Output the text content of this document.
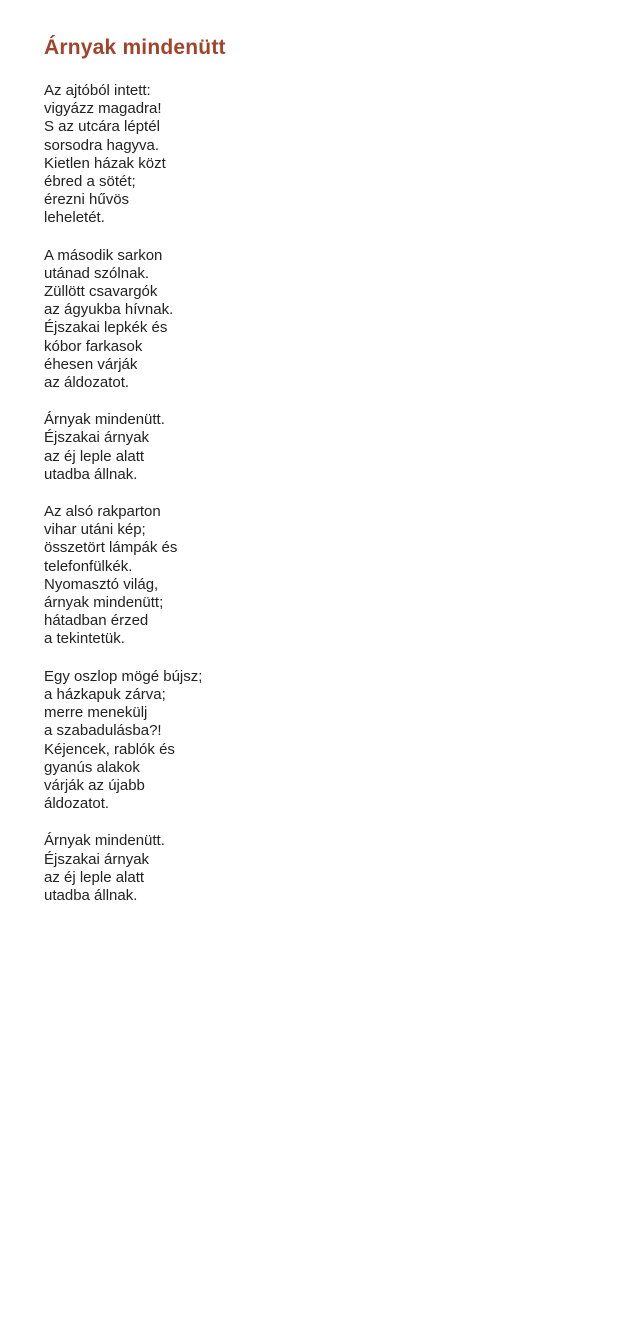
Árnyak mindenütt
Az ajtóból intett:
vigyázz magadra!
S az utcára léptél
sorsodra hagyva.
Kietlen házak közt
ébred a sötét;
érezni hűvös
leheletét.
A második sarkon
utánad szólnak.
Züllött csavargók
az ágyukba hívnak.
Éjszakai lepkék és
kóbor farkasok
éhesen várják
az áldozatot.
Árnyak mindenütt.
Éjszakai árnyak
az éj leple alatt
utadba állnak.
Az alsó rakparton
vihar utáni kép;
összetört lámpák és
telefonfülkék.
Nyomasztó világ,
árnyak mindenütt;
hátadban érzed
a tekintetük.
Egy oszlop mögé bújsz;
a házkapuk zárva;
merre menekülj
a szabadulásba?!
Kéjencek, rablók és
gyanús alakok
várják az újabb
áldozatot.
Árnyak mindenütt.
Éjszakai árnyak
az éj leple alatt
utadba állnak.
